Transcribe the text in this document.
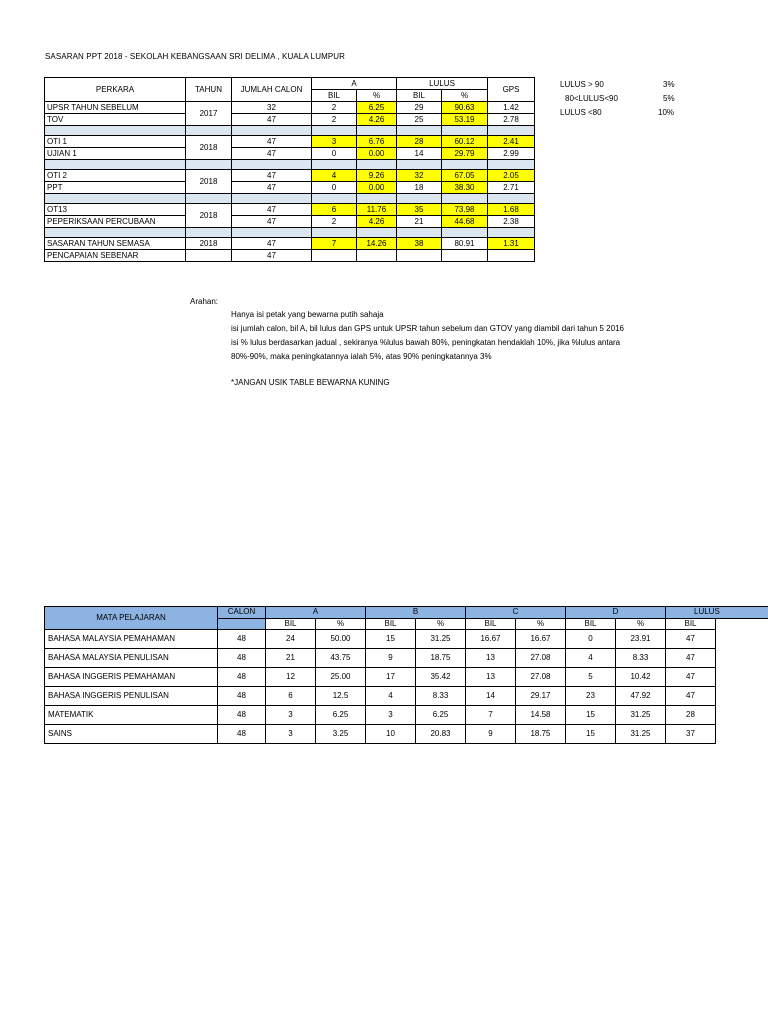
SASARAN PPT 2018 - SEKOLAH KEBANGSAAN SRI DELIMA , KUALA LUMPUR
PERKARA	TAHUN	JUMLAH CALON	A		LULUS		GPS
			BIL	%	BIL	%	
UPSR TAHUN SEBELUM	2017	32	2	6.25	29	90.63	1.42
TOV		47	2	4.26	25	53.19	2.78

OTI 1	2018	47	3	6.76	28	60.12	2.41
UJIAN 1		47	0	0.00	14	29.79	2.99

OTI 2	2018	47	4	9.26	32	67.05	2.05
PPT		47	0	0.00	18	38.30	2.71

OT13	2018	47	6	11.76	35	73.98	1.68
PEPERIKSAAN PERCUBAAN		47	2	4.26	21	44.68	2.38

SASARAN TAHUN SEMASA	2018	47	7	14.26	38	80.91	1.31
PENCAPAIAN SEBENAR		47					
LULUS > 90	3%
80<LULUS<90	5%
LULUS <80	10%
Arahan:
Hanya isi petak yang bewarna putih sahaja
isi jumlah calon, bil A, bil lulus dan GPS untuk UPSR tahun sebelum dan GTOV yang diambil dari tahun 5 2016
isi % lulus berdasarkan jadual , sekiranya %lulus bawah 80%, peningkatan hendaklah 10%, jika %lulus antara
80%-90%, maka peningkatannya ialah 5%, atas 90% peningkatannya 3%
*JANGAN USIK TABLE BEWARNA KUNING
MATA PELAJARAN	CALON	A		B		C		D		LULUS	
		BIL	%	BIL	%	BIL	%	BIL	%	BIL	
BAHASA MALAYSIA PEMAHAMAN	48	24	50.00	15	31.25	16.67	16.67	0	23.91	47	
BAHASA MALAYSIA PENULISAN	48	21	43.75	9	18.75	13	27.08	4	8.33	47	
BAHASA INGGERIS PEMAHAMAN	48	12	25.00	17	35.42	13	27.08	5	10.42	47	
BAHASA INGGERIS PENULISAN	48	6	12.5	4	8.33	14	29.17	23	47.92	47	
MATEMATIK	48	3	6.25	3	6.25	7	14.58	15	31.25	28	
SAINS	48	3	3.25	10	20.83	9	18.75	15	31.25	37	
